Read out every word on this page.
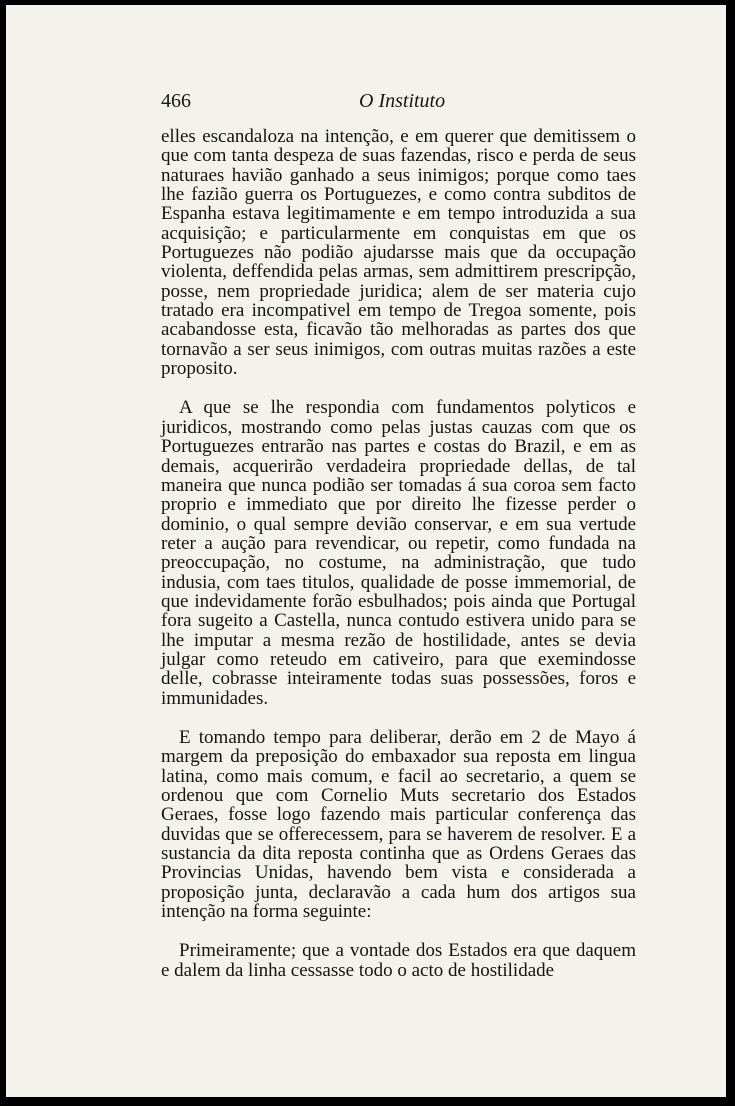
466	O Instituto

elles escandaloza na intenção, e em querer que demitissem o que com tanta despeza de suas fazendas, risco e perda de seus naturaes havião ganhado a seus inimigos; porque como taes lhe fazião guerra os Portuguezes, e como contra subditos de Espanha estava legitimamente e em tempo introduzida a sua acquisição; e particularmente em conquistas em que os Portuguezes não podião ajudarsse mais que da occupação violenta, deffendida pelas armas, sem admittirem prescripção, posse, nem propriedade juridica; alem de ser materia cujo tratado era incompativel em tempo de Tregoa somente, pois acabandosse esta, ficavão tão melhoradas as partes dos que tornavão a ser seus inimigos, com outras muitas razões a este proposito.

A que se lhe respondia com fundamentos polyticos e juridicos, mostrando como pelas justas cauzas com que os Portuguezes entrarão nas partes e costas do Brazil, e em as demais, acquerirão verdadeira propriedade dellas, de tal maneira que nunca podião ser tomadas á sua coroa sem facto proprio e immediato que por direito lhe fizesse perder o dominio, o qual sempre devião conservar, e em sua vertude reter a aução para revendicar, ou repetir, como fundada na preoccupação, no costume, na administração, que tudo indusia, com taes titulos, qualidade de posse immemorial, de que indevidamente forão esbulhados; pois ainda que Portugal fora sugeito a Castella, nunca contudo estivera unido para se lhe imputar a mesma rezão de hostilidade, antes se devia julgar como reteudo em cativeiro, para que exemindosse delle, cobrasse inteiramente todas suas possessões, foros e immunidades.

E tomando tempo para deliberar, derão em 2 de Mayo á margem da preposição do embaxador sua reposta em lingua latina, como mais comum, e facil ao secretario, a quem se ordenou que com Cornelio Muts secretario dos Estados Geraes, fosse logo fazendo mais particular conferença das duvidas que se offerecessem, para se haverem de resolver. E a sustancia da dita reposta continha que as Ordens Geraes das Provincias Unidas, havendo bem vista e considerada a proposição junta, declaravão a cada hum dos artigos sua intenção na forma seguinte:

Primeiramente; que a vontade dos Estados era que daquem e dalem da linha cessasse todo o acto de hostilidade
